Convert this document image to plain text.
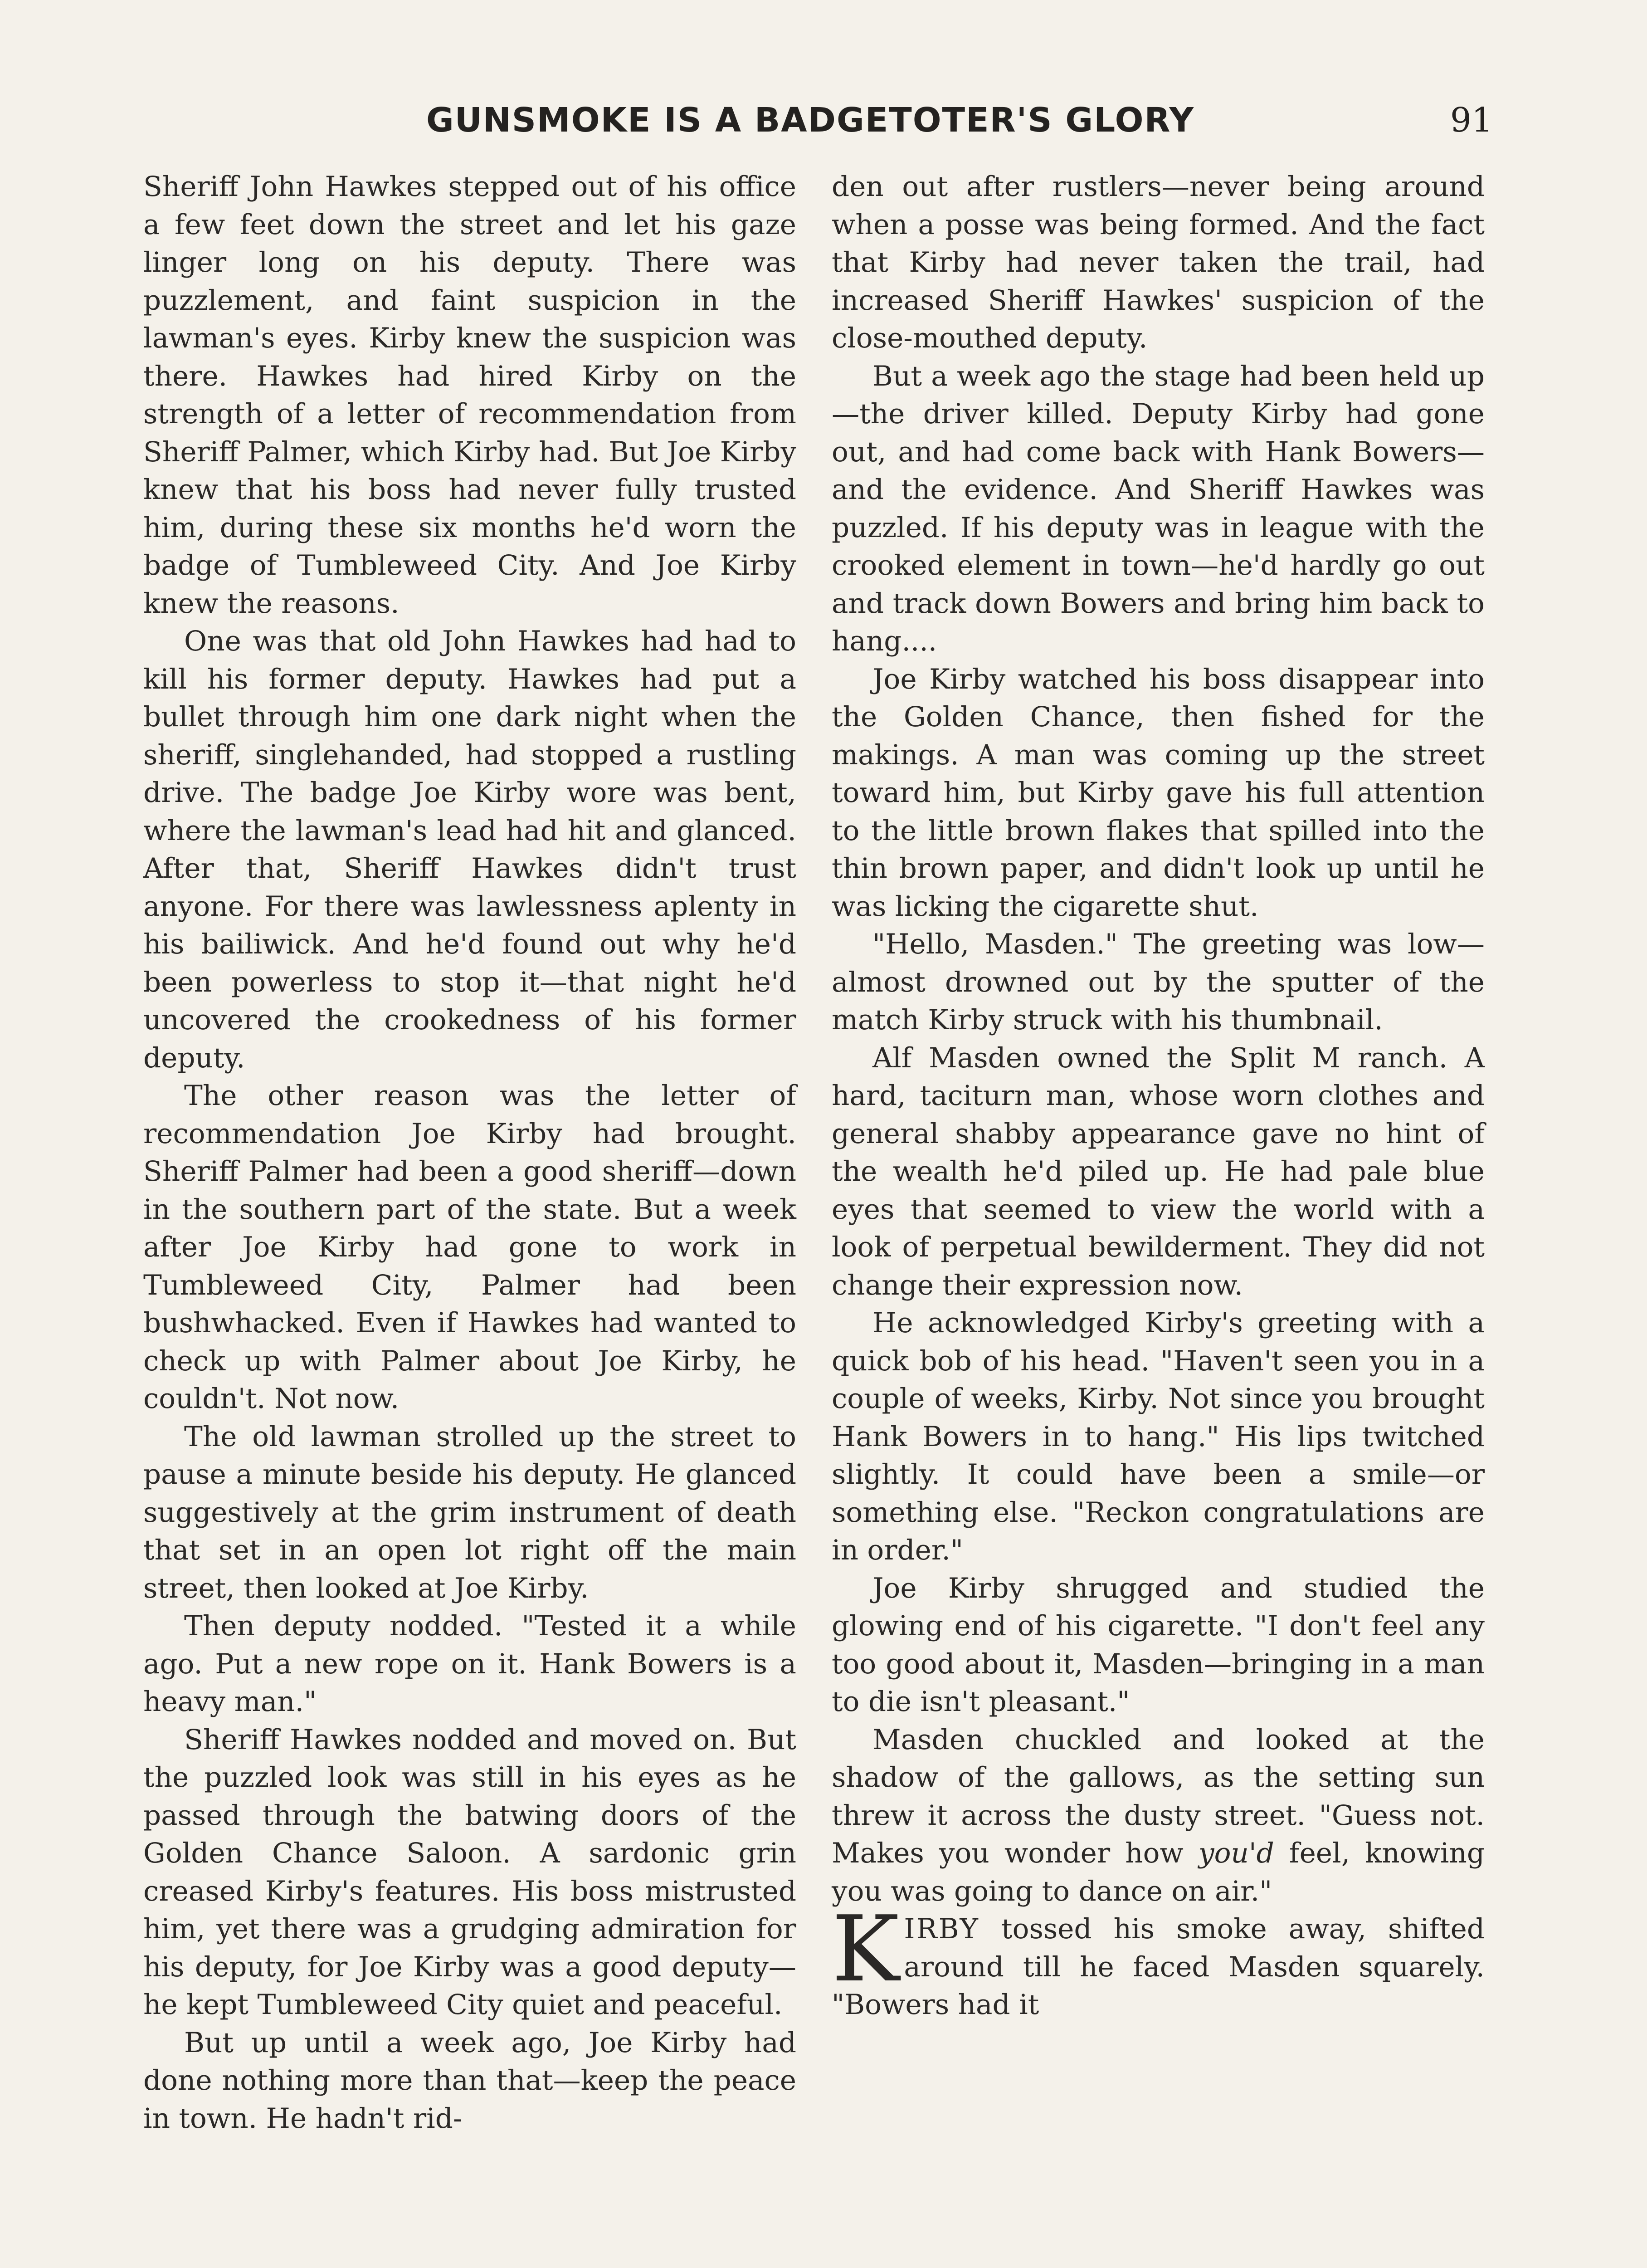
GUNSMOKE IS A BADGETOTER'S GLORY	91

Sheriff John Hawkes stepped out of his office a few feet down the street and let his gaze linger long on his deputy. There was puzzlement, and faint suspicion in the lawman's eyes. Kirby knew the suspicion was there. Hawkes had hired Kirby on the strength of a letter of recommendation from Sheriff Palmer, which Kirby had. But Joe Kirby knew that his boss had never fully trusted him, during these six months he'd worn the badge of Tumbleweed City. And Joe Kirby knew the reasons.

One was that old John Hawkes had had to kill his former deputy. Hawkes had put a bullet through him one dark night when the sheriff, singlehanded, had stopped a rustling drive. The badge Joe Kirby wore was bent, where the lawman's lead had hit and glanced. After that, Sheriff Hawkes didn't trust anyone. For there was lawlessness aplenty in his bailiwick. And he'd found out why he'd been powerless to stop it—that night he'd uncovered the crookedness of his former deputy.

The other reason was the letter of recommendation Joe Kirby had brought. Sheriff Palmer had been a good sheriff—down in the southern part of the state. But a week after Joe Kirby had gone to work in Tumbleweed City, Palmer had been bushwhacked. Even if Hawkes had wanted to check up with Palmer about Joe Kirby, he couldn't. Not now.

The old lawman strolled up the street to pause a minute beside his deputy. He glanced suggestively at the grim instrument of death that set in an open lot right off the main street, then looked at Joe Kirby.

Then deputy nodded. "Tested it a while ago. Put a new rope on it. Hank Bowers is a heavy man."

Sheriff Hawkes nodded and moved on. But the puzzled look was still in his eyes as he passed through the batwing doors of the Golden Chance Saloon. A sardonic grin creased Kirby's features. His boss mistrusted him, yet there was a grudging admiration for his deputy, for Joe Kirby was a good deputy—he kept Tumbleweed City quiet and peaceful.

But up until a week ago, Joe Kirby had done nothing more than that—keep the peace in town. He hadn't rid-

den out after rustlers—never being around when a posse was being formed. And the fact that Kirby had never taken the trail, had increased Sheriff Hawkes' suspicion of the close-mouthed deputy.

But a week ago the stage had been held up—the driver killed. Deputy Kirby had gone out, and had come back with Hank Bowers—and the evidence. And Sheriff Hawkes was puzzled. If his deputy was in league with the crooked element in town—he'd hardly go out and track down Bowers and bring him back to hang....

Joe Kirby watched his boss disappear into the Golden Chance, then fished for the makings. A man was coming up the street toward him, but Kirby gave his full attention to the little brown flakes that spilled into the thin brown paper, and didn't look up until he was licking the cigarette shut.

"Hello, Masden." The greeting was low—almost drowned out by the sputter of the match Kirby struck with his thumbnail.

Alf Masden owned the Split M ranch. A hard, taciturn man, whose worn clothes and general shabby appearance gave no hint of the wealth he'd piled up. He had pale blue eyes that seemed to view the world with a look of perpetual bewilderment. They did not change their expression now.

He acknowledged Kirby's greeting with a quick bob of his head. "Haven't seen you in a couple of weeks, Kirby. Not since you brought Hank Bowers in to hang." His lips twitched slightly. It could have been a smile—or something else. "Reckon congratulations are in order."

Joe Kirby shrugged and studied the glowing end of his cigarette. "I don't feel any too good about it, Masden—bringing in a man to die isn't pleasant."

Masden chuckled and looked at the shadow of the gallows, as the setting sun threw it across the dusty street. "Guess not. Makes you wonder how you'd feel, knowing you was going to dance on air."

KIRBY tossed his smoke away, shifted around till he faced Masden squarely. "Bowers had it
